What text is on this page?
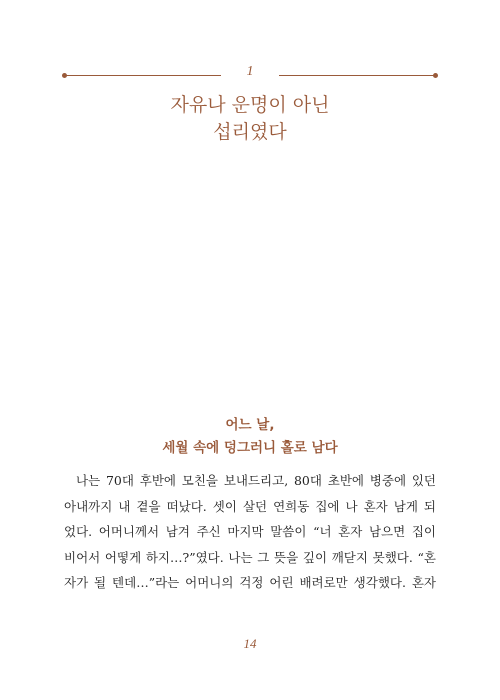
1
자유나 운명이 아닌
섭리였다
어느 날,
세월 속에 덩그러니 홀로 남다
나는 70대 후반에 모친을 보내드리고, 80대 초반에 병중에 있던
아내까지 내 곁을 떠났다. 셋이 살던 연희동 집에 나 혼자 남게 되
었다. 어머니께서 남겨 주신 마지막 말씀이 “너 혼자 남으면 집이
비어서 어떻게 하지…?”였다. 나는 그 뜻을 깊이 깨닫지 못했다. “혼
자가 될 텐데…”라는 어머니의 걱정 어린 배려로만 생각했다. 혼자
14
